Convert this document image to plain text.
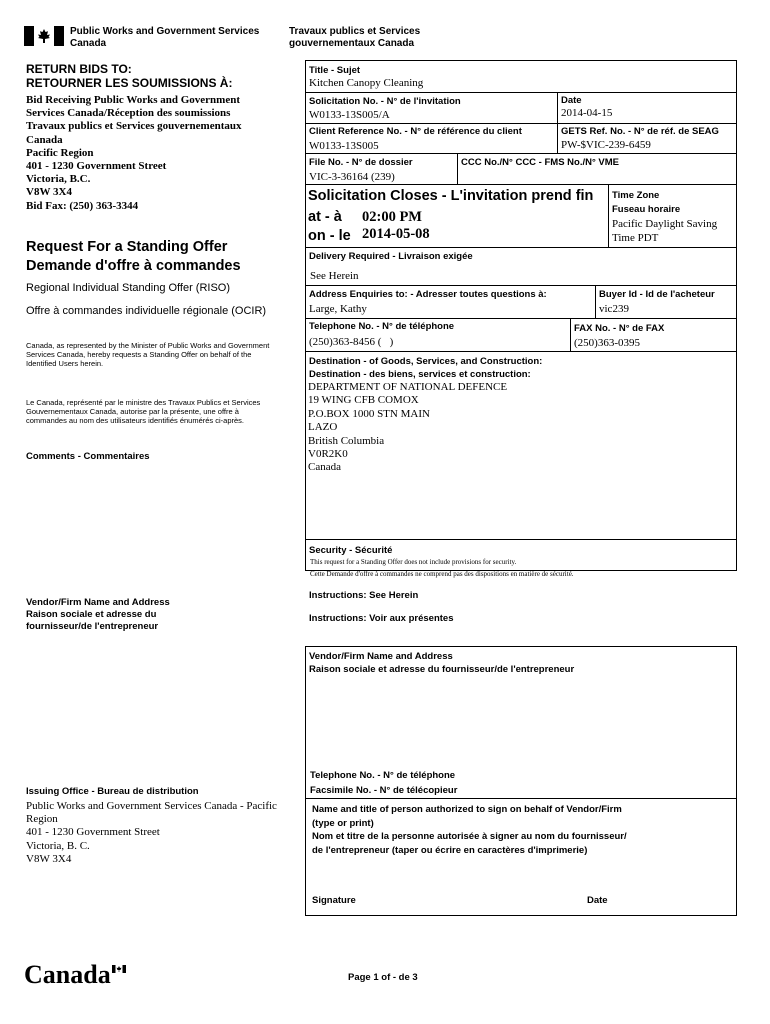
Public Works and Government Services
Canada
Travaux publics et Services
gouvernementaux Canada
RETURN BIDS TO:
RETOURNER LES SOUMISSIONS À:
Bid Receiving Public Works and Government
Services Canada/Réception des soumissions
Travaux publics et Services gouvernementaux
Canada
Pacific Region
401 - 1230 Government Street
Victoria, B.C.
V8W 3X4
Bid Fax: (250) 363-3344
Request For a Standing Offer
Demande d'offre à commandes
Regional Individual Standing Offer (RISO)
Offre à commandes individuelle régionale (OCIR)
Canada, as represented by the Minister of Public Works and Government Services Canada, hereby requests a Standing Offer on behalf of the Identified Users herein.
Le Canada, représenté par le ministre des Travaux Publics et Services Gouvernementaux Canada, autorise par la présente, une offre à commandes au nom des utilisateurs identifiés énumérés ci-après.
Comments - Commentaires
Vendor/Firm Name and Address
Raison sociale et adresse du
fournisseur/de l'entrepreneur
Issuing Office - Bureau de distribution
Public Works and Government Services Canada - Pacific
Region
401 - 1230 Government Street
Victoria, B. C.
V8W 3X4
Title - Sujet
Kitchen Canopy Cleaning
Solicitation No. - N° de l'invitation
W0133-13S005/A
Date
2014-04-15
Client Reference No. - N° de référence du client
W0133-13S005
GETS Ref. No. - N° de réf. de SEAG
PW-$VIC-239-6459
File No. - N° de dossier
VIC-3-36164 (239)
CCC No./N° CCC - FMS No./N° VME
Solicitation Closes - L'invitation prend fin
at - à 02:00 PM
on - le 2014-05-08
Time Zone
Fuseau horaire
Pacific Daylight Saving
Time PDT
Delivery Required - Livraison exigée
See Herein
Address Enquiries to: - Adresser toutes questions à:
Large, Kathy
Buyer Id - Id de l'acheteur
vic239
Telephone No. - N° de téléphone
(250)363-8456 (   )
FAX No. - N° de FAX
(250)363-0395
Destination - of Goods, Services, and Construction:
Destination - des biens, services et construction:
DEPARTMENT OF NATIONAL DEFENCE
19 WING CFB COMOX
P.O.BOX 1000 STN MAIN
LAZO
British Columbia
V0R2K0
Canada
Security - Sécurité
This request for a Standing Offer does not include provisions for security.
Cette Demande d'offre à commandes ne comprend pas des dispositions en matière de sécurité.
Instructions: See Herein
Instructions: Voir aux présentes
Vendor/Firm Name and Address
Raison sociale et adresse du fournisseur/de l'entrepreneur
Telephone No. - N° de téléphone
Facsimile No. - N° de télécopieur
Name and title of person authorized to sign on behalf of Vendor/Firm
(type or print)
Nom et titre de la personne autorisée à signer au nom du fournisseur/
de l'entrepreneur (taper ou écrire en caractères d'imprimerie)
Signature	Date
Canada	Page 1 of - de 3
